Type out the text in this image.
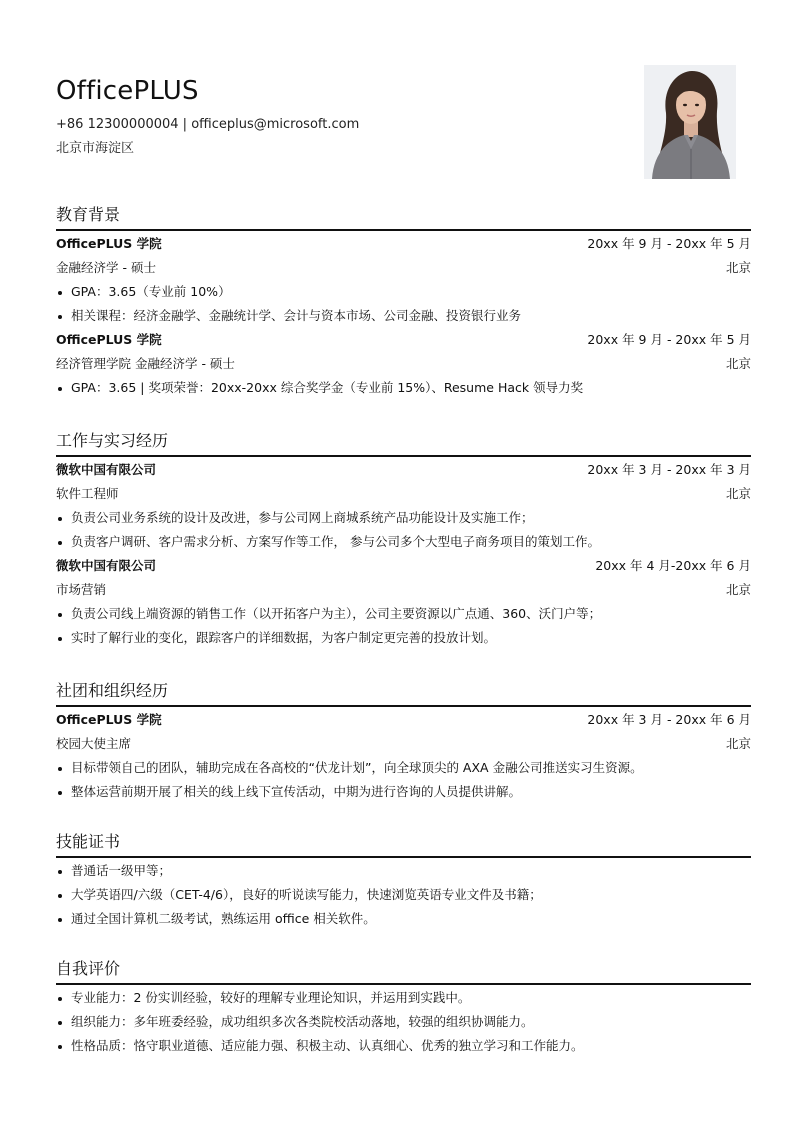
OfficePLUS
+86 12300000004 | officeplus@microsoft.com
北京市海淀区
教育背景
OfficePLUS 学院	20xx 年 9 月 - 20xx 年 5 月
金融经济学 - 硕士	北京
GPA：3.65（专业前 10%）
相关课程：经济金融学、金融统计学、会计与资本市场、公司金融、投资银行业务
OfficePLUS 学院	20xx 年 9 月 - 20xx 年 5 月
经济管理学院 金融经济学 - 硕士	北京
GPA：3.65 | 奖项荣誉：20xx-20xx 综合奖学金（专业前 15%）、Resume Hack 领导力奖
工作与实习经历
微软中国有限公司	20xx 年 3 月 - 20xx 年 3 月
软件工程师	北京
负责公司业务系统的设计及改进，参与公司网上商城系统产品功能设计及实施工作；
负责客户调研、客户需求分析、方案写作等工作， 参与公司多个大型电子商务项目的策划工作。
微软中国有限公司	20xx 年 4 月-20xx 年 6 月
市场营销	北京
负责公司线上端资源的销售工作（以开拓客户为主），公司主要资源以广点通、360、沃门户等；
实时了解行业的变化，跟踪客户的详细数据，为客户制定更完善的投放计划。
社团和组织经历
OfficePLUS 学院	20xx 年 3 月 - 20xx 年 6 月
校园大使主席	北京
目标带领自己的团队，辅助完成在各高校的“伏龙计划”，向全球顶尖的 AXA 金融公司推送实习生资源。
整体运营前期开展了相关的线上线下宣传活动，中期为进行咨询的人员提供讲解。
技能证书
普通话一级甲等；
大学英语四/六级（CET-4/6），良好的听说读写能力，快速浏览英语专业文件及书籍；
通过全国计算机二级考试，熟练运用 office 相关软件。
自我评价
专业能力：2 份实训经验，较好的理解专业理论知识，并运用到实践中。
组织能力：多年班委经验，成功组织多次各类院校活动落地，较强的组织协调能力。
性格品质：恪守职业道德、适应能力强、积极主动、认真细心、优秀的独立学习和工作能力。
